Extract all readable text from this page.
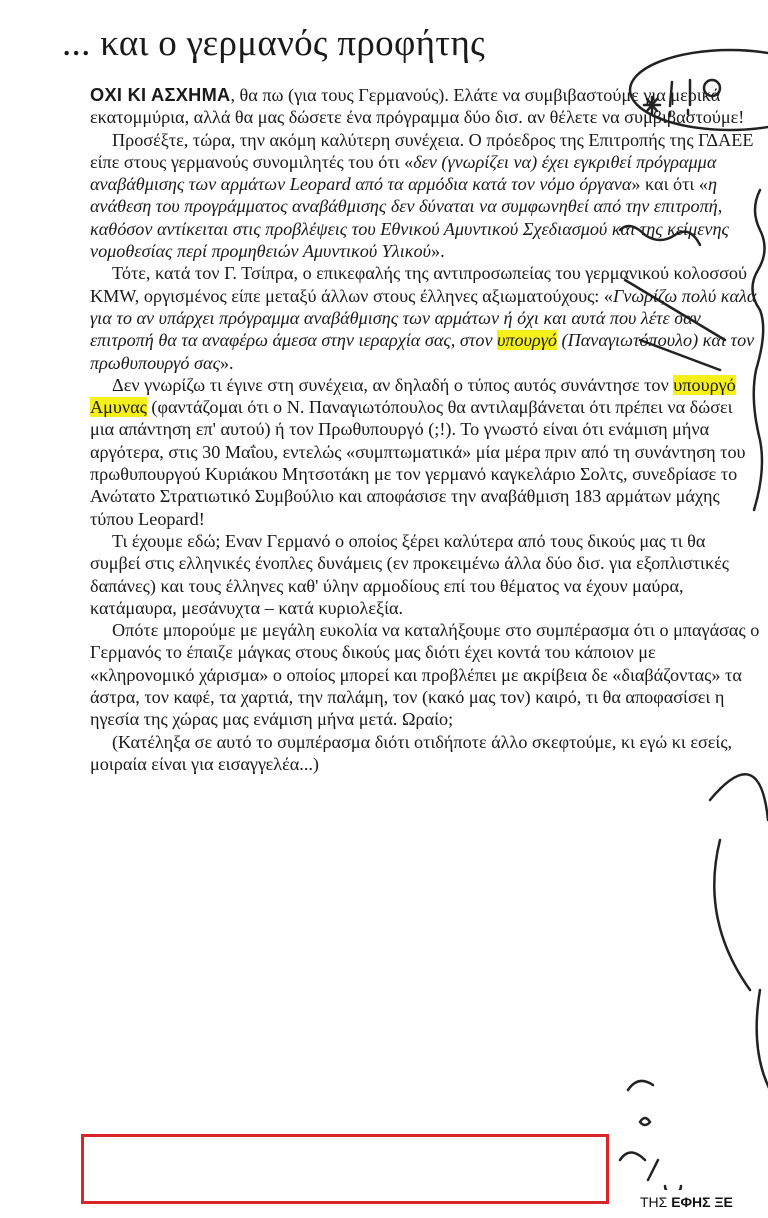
... και ο γερμανός προφήτης

ΟΧΙ ΚΙ ΑΣΧΗΜΑ, θα πω (για τους Γερμανούς). Ελάτε να συμβιβαστούμε για μερικά εκατομμύρια, αλλά θα μας δώσετε ένα πρόγραμμα δύο δισ. αν θέλετε να συμβιβαστούμε!

Προσέξτε, τώρα, την ακόμη καλύτερη συνέχεια. Ο πρόεδρος της Επιτροπής της ΓΔΑΕΕ είπε στους γερμανούς συνομιλητές του ότι «δεν (γνωρίζει να) έχει εγκριθεί πρόγραμμα αναβάθμισης των αρμάτων Leopard από τα αρμόδια κατά τον νόμο όργανα» και ότι «η ανάθεση του προγράμματος αναβάθμισης δεν δύναται να συμφωνηθεί από την επιτροπή, καθόσον αντίκειται στις προβλέψεις του Εθνικού Αμυντικού Σχεδιασμού και της κείμενης νομοθεσίας περί προμηθειών Αμυντικού Υλικού».

Τότε, κατά τον Γ. Τσίπρα, ο επικεφαλής της αντιπροσωπείας του γερμανικού κολοσσού KMW, οργισμένος είπε μεταξύ άλλων στους έλληνες αξιωματούχους: «Γνωρίζω πολύ καλά για το αν υπάρχει πρόγραμμα αναβάθμισης των αρμάτων ή όχι και αυτά που λέτε σαν επιτροπή θα τα αναφέρω άμεσα στην ιεραρχία σας, στον υπουργό (Παναγιωτόπουλο) και τον πρωθυπουργό σας».

Δεν γνωρίζω τι έγινε στη συνέχεια, αν δηλαδή ο τύπος αυτός συνάντησε τον υπουργό Αμυνας (φαντάζομαι ότι ο Ν. Παναγιωτόπουλος θα αντιλαμβάνεται ότι πρέπει να δώσει μια απάντηση επ' αυτού) ή τον Πρωθυπουργό (;!). Το γνωστό είναι ότι ενάμιση μήνα αργότερα, στις 30 Μαΐου, εντελώς «συμπτωματικά» μία μέρα πριν από τη συνάντηση του πρωθυπουργού Κυριάκου Μητσοτάκη με τον γερμανό καγκελάριο Σολτς, συνεδρίασε το Ανώτατο Στρατιωτικό Συμβούλιο και αποφάσισε την αναβάθμιση 183 αρμάτων μάχης τύπου Leopard!

Τι έχουμε εδώ; Εναν Γερμανό ο οποίος ξέρει καλύτερα από τους δικούς μας τι θα συμβεί στις ελληνικές ένοπλες δυνάμεις (εν προκειμένω άλλα δύο δισ. για εξοπλιστικές δαπάνες) και τους έλληνες καθ' ύλην αρμοδίους επί του θέματος να έχουν μαύρα, κατάμαυρα, μεσάνυχτα – κατά κυριολεξία.

Οπότε μπορούμε με μεγάλη ευκολία να καταλήξουμε στο συμπέρασμα ότι ο μπαγάσας ο Γερμανός το έπαιζε μάγκας στους δικούς μας διότι έχει κοντά του κάποιον με «κληρονομικό χάρισμα» ο οποίος μπορεί και προβλέπει με ακρίβεια δε «διαβάζοντας» τα άστρα, τον καφέ, τα χαρτιά, την παλάμη, τον (κακό μας τον) καιρό, τι θα αποφασίσει η ηγεσία της χώρας μας ενάμιση μήνα μετά. Ωραίο;

(Κατέληξα σε αυτό το συμπέρασμα διότι οτιδήποτε άλλο σκεφτούμε, κι εγώ κι εσείς, μοιραία είναι για εισαγγελέα...)

ΤΗΣ ΕΦΗΣ ΞΕ
